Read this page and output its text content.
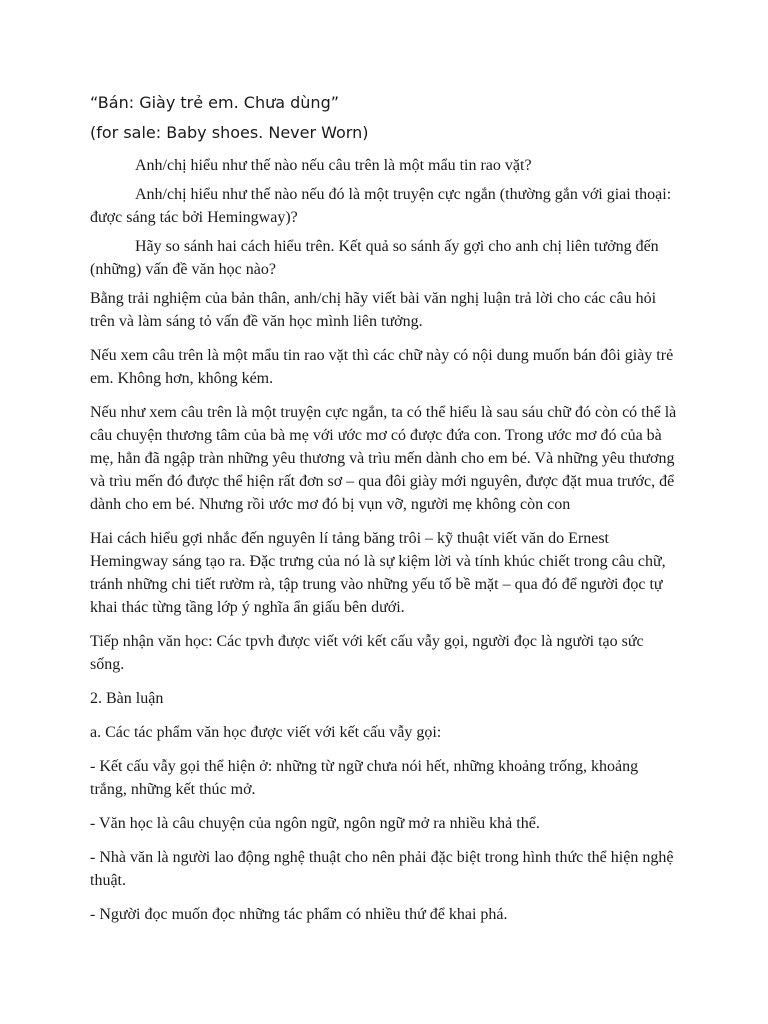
“Bán: Giày trẻ em. Chưa dùng”

(for sale: Baby shoes. Never Worn)

Anh/chị hiểu như thế nào nếu câu trên là một mẩu tin rao vặt?

Anh/chị hiểu như thế nào nếu đó là một truyện cực ngắn (thường gắn với giai thoại: được sáng tác bởi Hemingway)?

Hãy so sánh hai cách hiểu trên. Kết quả so sánh ấy gợi cho anh chị liên tưởng đến (những) vấn đề văn học nào?

Bằng trải nghiệm của bản thân, anh/chị hãy viết bài văn nghị luận trả lời cho các câu hỏi trên và làm sáng tỏ vấn đề văn học mình liên tưởng.

Nếu xem câu trên là một mẩu tin rao vặt thì các chữ này có nội dung muốn bán đôi giày trẻ em. Không hơn, không kém.

Nếu như xem câu trên là một truyện cực ngắn, ta có thể hiểu là sau sáu chữ đó còn có thể là câu chuyện thương tâm của bà mẹ với ước mơ có được đứa con. Trong ước mơ đó của bà mẹ, hẳn đã ngập tràn những yêu thương và trìu mến dành cho em bé. Và những yêu thương và trìu mến đó được thể hiện rất đơn sơ – qua đôi giày mới nguyên, được đặt mua trước, để dành cho em bé. Nhưng rồi ước mơ đó bị vụn vỡ, người mẹ không còn con

Hai cách hiểu gợi nhắc đến nguyên lí tảng băng trôi – kỹ thuật viết văn do Ernest Hemingway sáng tạo ra. Đặc trưng của nó là sự kiệm lời và tính khúc chiết trong câu chữ, tránh những chi tiết rườm rà, tập trung vào những yếu tố bề mặt – qua đó để người đọc tự khai thác từng tầng lớp ý nghĩa ẩn giấu bên dưới.

Tiếp nhận văn học: Các tpvh được viết với kết cấu vẫy gọi, người đọc là người tạo sức sống.

2. Bàn luận

a. Các tác phẩm văn học được viết với kết cấu vẫy gọi:

- Kết cấu vẫy gọi thể hiện ở: những từ ngữ chưa nói hết, những khoảng trống, khoảng trắng, những kết thúc mở.

- Văn học là câu chuyện của ngôn ngữ, ngôn ngữ mở ra nhiều khả thể.

- Nhà văn là người lao động nghệ thuật cho nên phải đặc biệt trong hình thức thể hiện nghệ thuật.

- Người đọc muốn đọc những tác phẩm có nhiều thứ để khai phá.
